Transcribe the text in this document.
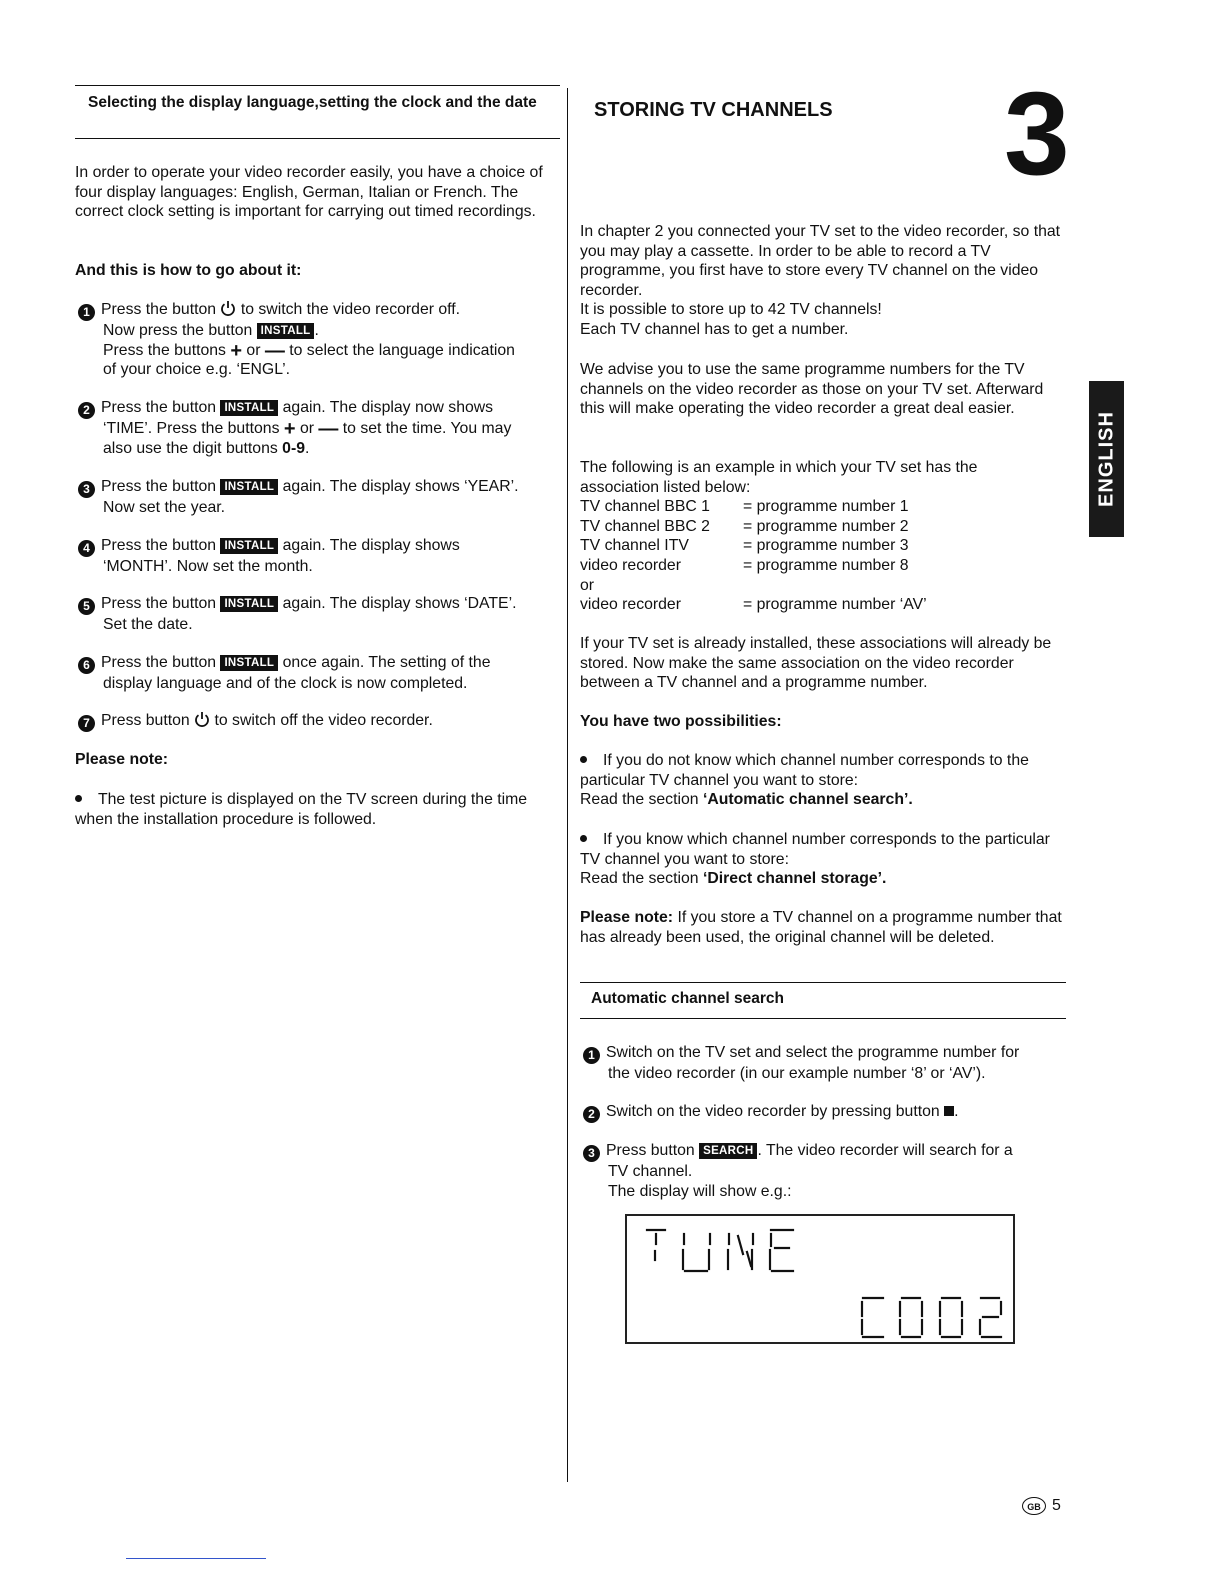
Selecting the display language,setting the clock and the date

In order to operate your video recorder easily, you have a choice of four display languages: English, German, Italian or French. The correct clock setting is important for carrying out timed recordings.

And this is how to go about it:

1 Press the button to switch the video recorder off.
Now press the button INSTALL .
Press the buttons + or — to select the language indication
of your choice e.g. ‘ENGL’.
2 Press the button INSTALL again. The display now shows
‘TIME’. Press the buttons + or — to set the time. You may
also use the digit buttons 0-9.
3 Press the button INSTALL again. The display shows ‘YEAR’.
Now set the year.
4 Press the button INSTALL again. The display shows
‘MONTH’. Now set the month.
5 Press the button INSTALL again. The display shows ‘DATE’.
Set the date.
6 Press the button INSTALL once again. The setting of the
display language and of the clock is now completed.
7 Press button to switch off the video recorder.

Please note:

The test picture is displayed on the TV screen during the time when the installation procedure is followed.
STORING TV CHANNELS 3
In chapter 2 you connected your TV set to the video recorder, so that you may play a cassette. In order to be able to record a TV programme, you first have to store every TV channel on the video recorder.
It is possible to store up to 42 TV channels!
Each TV channel has to get a number.

We advise you to use the same programme numbers for the TV channels on the video recorder as those on your TV set. Afterward this will make operating the video recorder a great deal easier.

The following is an example in which your TV set has the association listed below:
TV channel BBC 1	= programme number 1
TV channel BBC 2	= programme number 2
TV channel ITV	= programme number 3
video recorder	= programme number 8
or
video recorder	= programme number ‘AV’

If your TV set is already installed, these associations will already be stored. Now make the same association on the video recorder between a TV channel and a programme number.

You have two possibilities:

If you do not know which channel number corresponds to the particular TV channel you want to store:
Read the section ‘Automatic channel search’.
If you know which channel number corresponds to the particular TV channel you want to store:
Read the section ‘Direct channel storage’.
Please note: If you store a TV channel on a programme number that has already been used, the original channel will be deleted.
Automatic channel search
1 Switch on the TV set and select the programme number for
the video recorder (in our example number ‘8’ or ‘AV’).
2 Switch on the video recorder by pressing button .
3 Press button SEARCH . The video recorder will search for a
TV channel.
The display will show e.g.:
ENGLISH
GB 5
